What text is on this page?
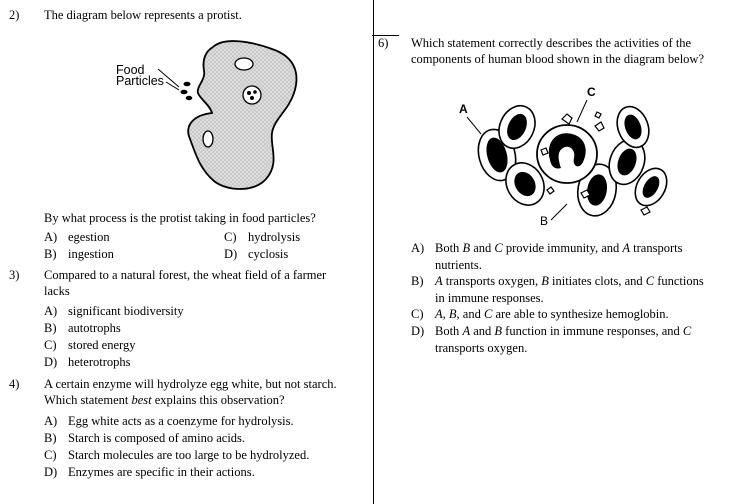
2) The diagram below represents a protist.
Food
Particles
By what process is the protist taking in food particles?
A) egestion
B) ingestion
C) hydrolysis
D) cyclosis
3) Compared to a natural forest, the wheat field of a farmer
lacks
A) significant biodiversity
B) autotrophs
C) stored energy
D) heterotrophs
4) A certain enzyme will hydrolyze egg white, but not starch.
Which statement best explains this observation?
A) Egg white acts as a coenzyme for hydrolysis.
B) Starch is composed of amino acids.
C) Starch molecules are too large to be hydrolyzed.
D) Enzymes are specific in their actions.
6) Which statement correctly describes the activities of the
components of human blood shown in the diagram below?
A
C
B
A) Both B and C provide immunity, and A transports
nutrients.
B) A transports oxygen, B initiates clots, and C functions
in immune responses.
C) A, B, and C are able to synthesize hemoglobin.
D) Both A and B function in immune responses, and C
transports oxygen.
